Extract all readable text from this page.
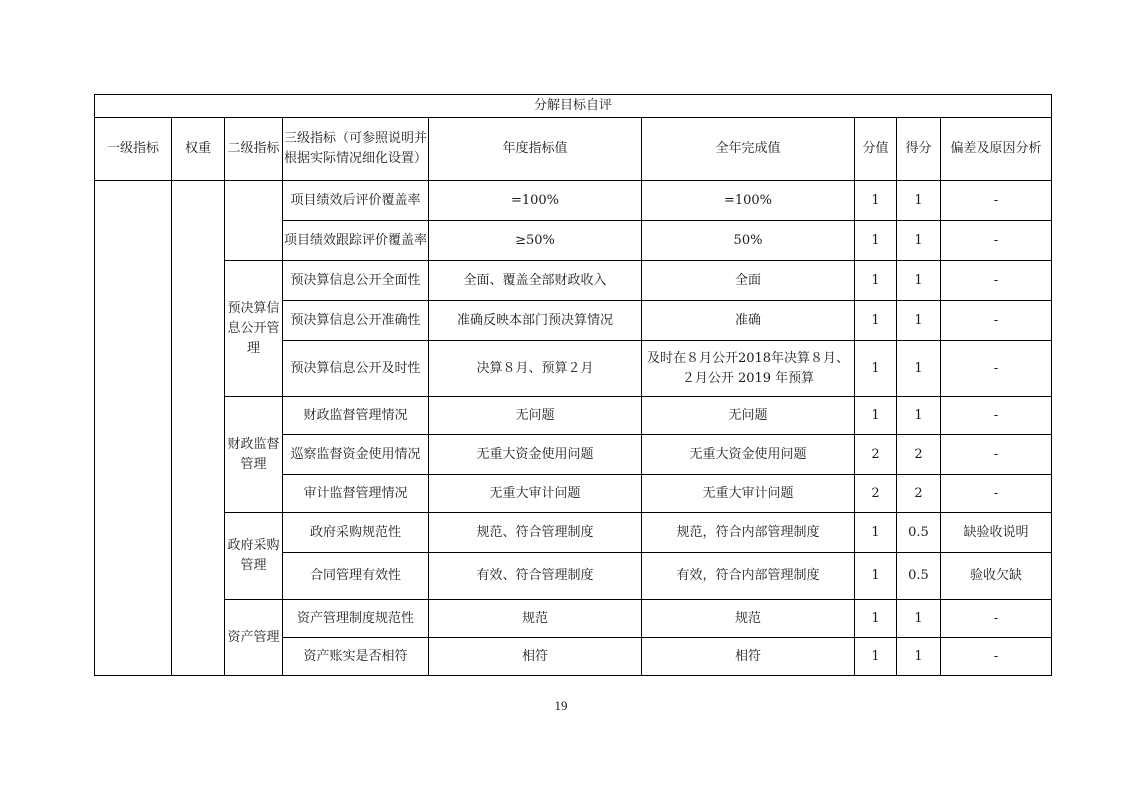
分解目标自评								
一级指标	权重	二级指标	三级指标（可参照说明并根据实际情况细化设置）	年度指标值	全年完成值	分值	得分	偏差及原因分析
			项目绩效后评价覆盖率	=100%	=100%	1	1	-
			项目绩效跟踪评价覆盖率	≥50%	50%	1	1	-
		预决算信息公开管理	预决算信息公开全面性	全面、覆盖全部财政收入	全面	1	1	-
			预决算信息公开准确性	准确反映本部门预决算情况	准确	1	1	-
			预决算信息公开及时性	决算８月、预算２月	及时在８月公开2018年决算８月、２月公开 2019 年预算	1	1	-
		财政监督管理	财政监督管理情况	无问题	无问题	1	1	-
			巡察监督资金使用情况	无重大资金使用问题	无重大资金使用问题	2	2	-
			审计监督管理情况	无重大审计问题	无重大审计问题	2	2	-
		政府采购管理	政府采购规范性	规范、符合管理制度	规范，符合内部管理制度	1	0.5	缺验收说明
			合同管理有效性	有效、符合管理制度	有效，符合内部管理制度	1	0.5	验收欠缺
		资产管理	资产管理制度规范性	规范	规范	1	1	-
			资产账实是否相符	相符	相符	1	1	-
19
